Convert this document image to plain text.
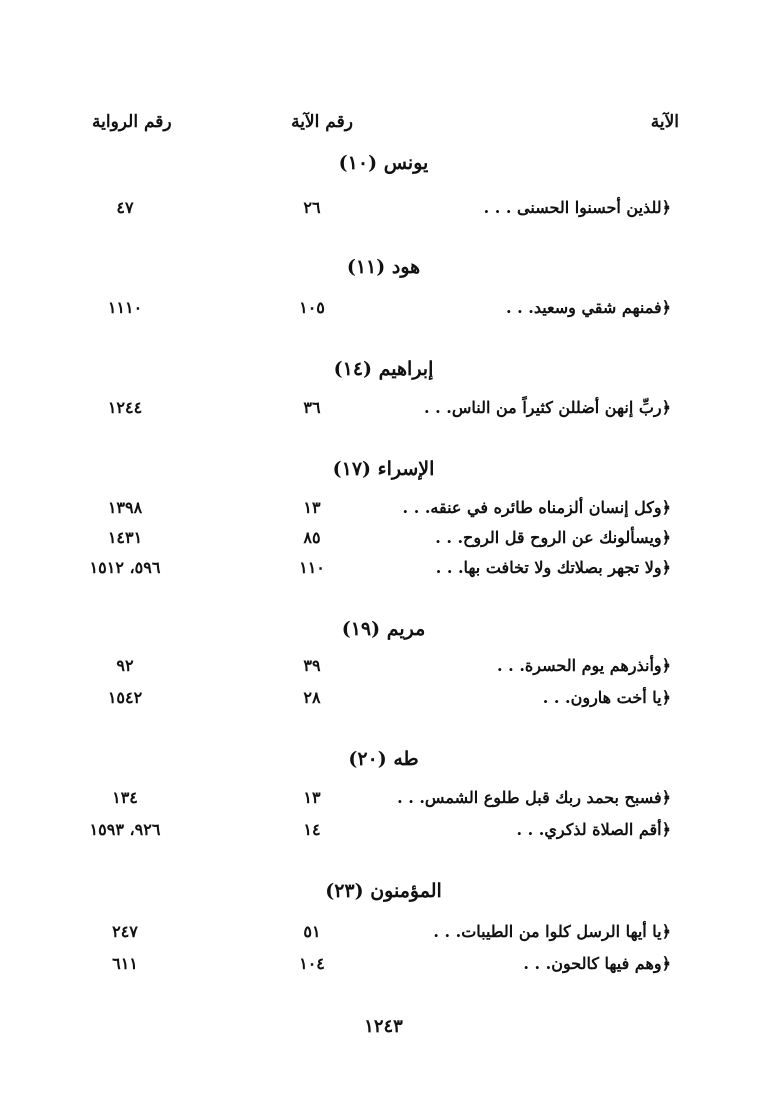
الآية
رقم الآية
رقم الرواية
يونس (١٠)
﴿للذين أحسنوا الحسنى . . .
٢٦
٤٧
هود (١١)
﴿فمنهم شقي وسعيد. . .
١٠٥
١١١٠
إبراهيم (١٤)
﴿ربِّ إنهن أضللن كثيراً من الناس. . .
٣٦
١٢٤٤
الإسراء (١٧)
﴿وكل إنسان ألزمناه طائره في عنقه. . .
١٣
١٣٩٨
﴿ويسألونك عن الروح قل الروح. . .
٨٥
١٤٣١
﴿ولا تجهر بصلاتك ولا تخافت بها. . .
١١٠
٥٩٦، ١٥١٢
مريم (١٩)
﴿وأنذرهم يوم الحسرة. . .
٣٩
٩٢
﴿يا أخت هارون. . .
٢٨
١٥٤٢
طه (٢٠)
﴿فسبح بحمد ربك قبل طلوع الشمس. . .
١٣
١٣٤
﴿أقم الصلاة لذكري. . .
١٤
٩٢٦، ١٥٩٣
المؤمنون (٢٣)
﴿يا أيها الرسل كلوا من الطيبات. . .
٥١
٢٤٧
﴿وهم فيها كالحون. . .
١٠٤
٦١١
١٢٤٣
